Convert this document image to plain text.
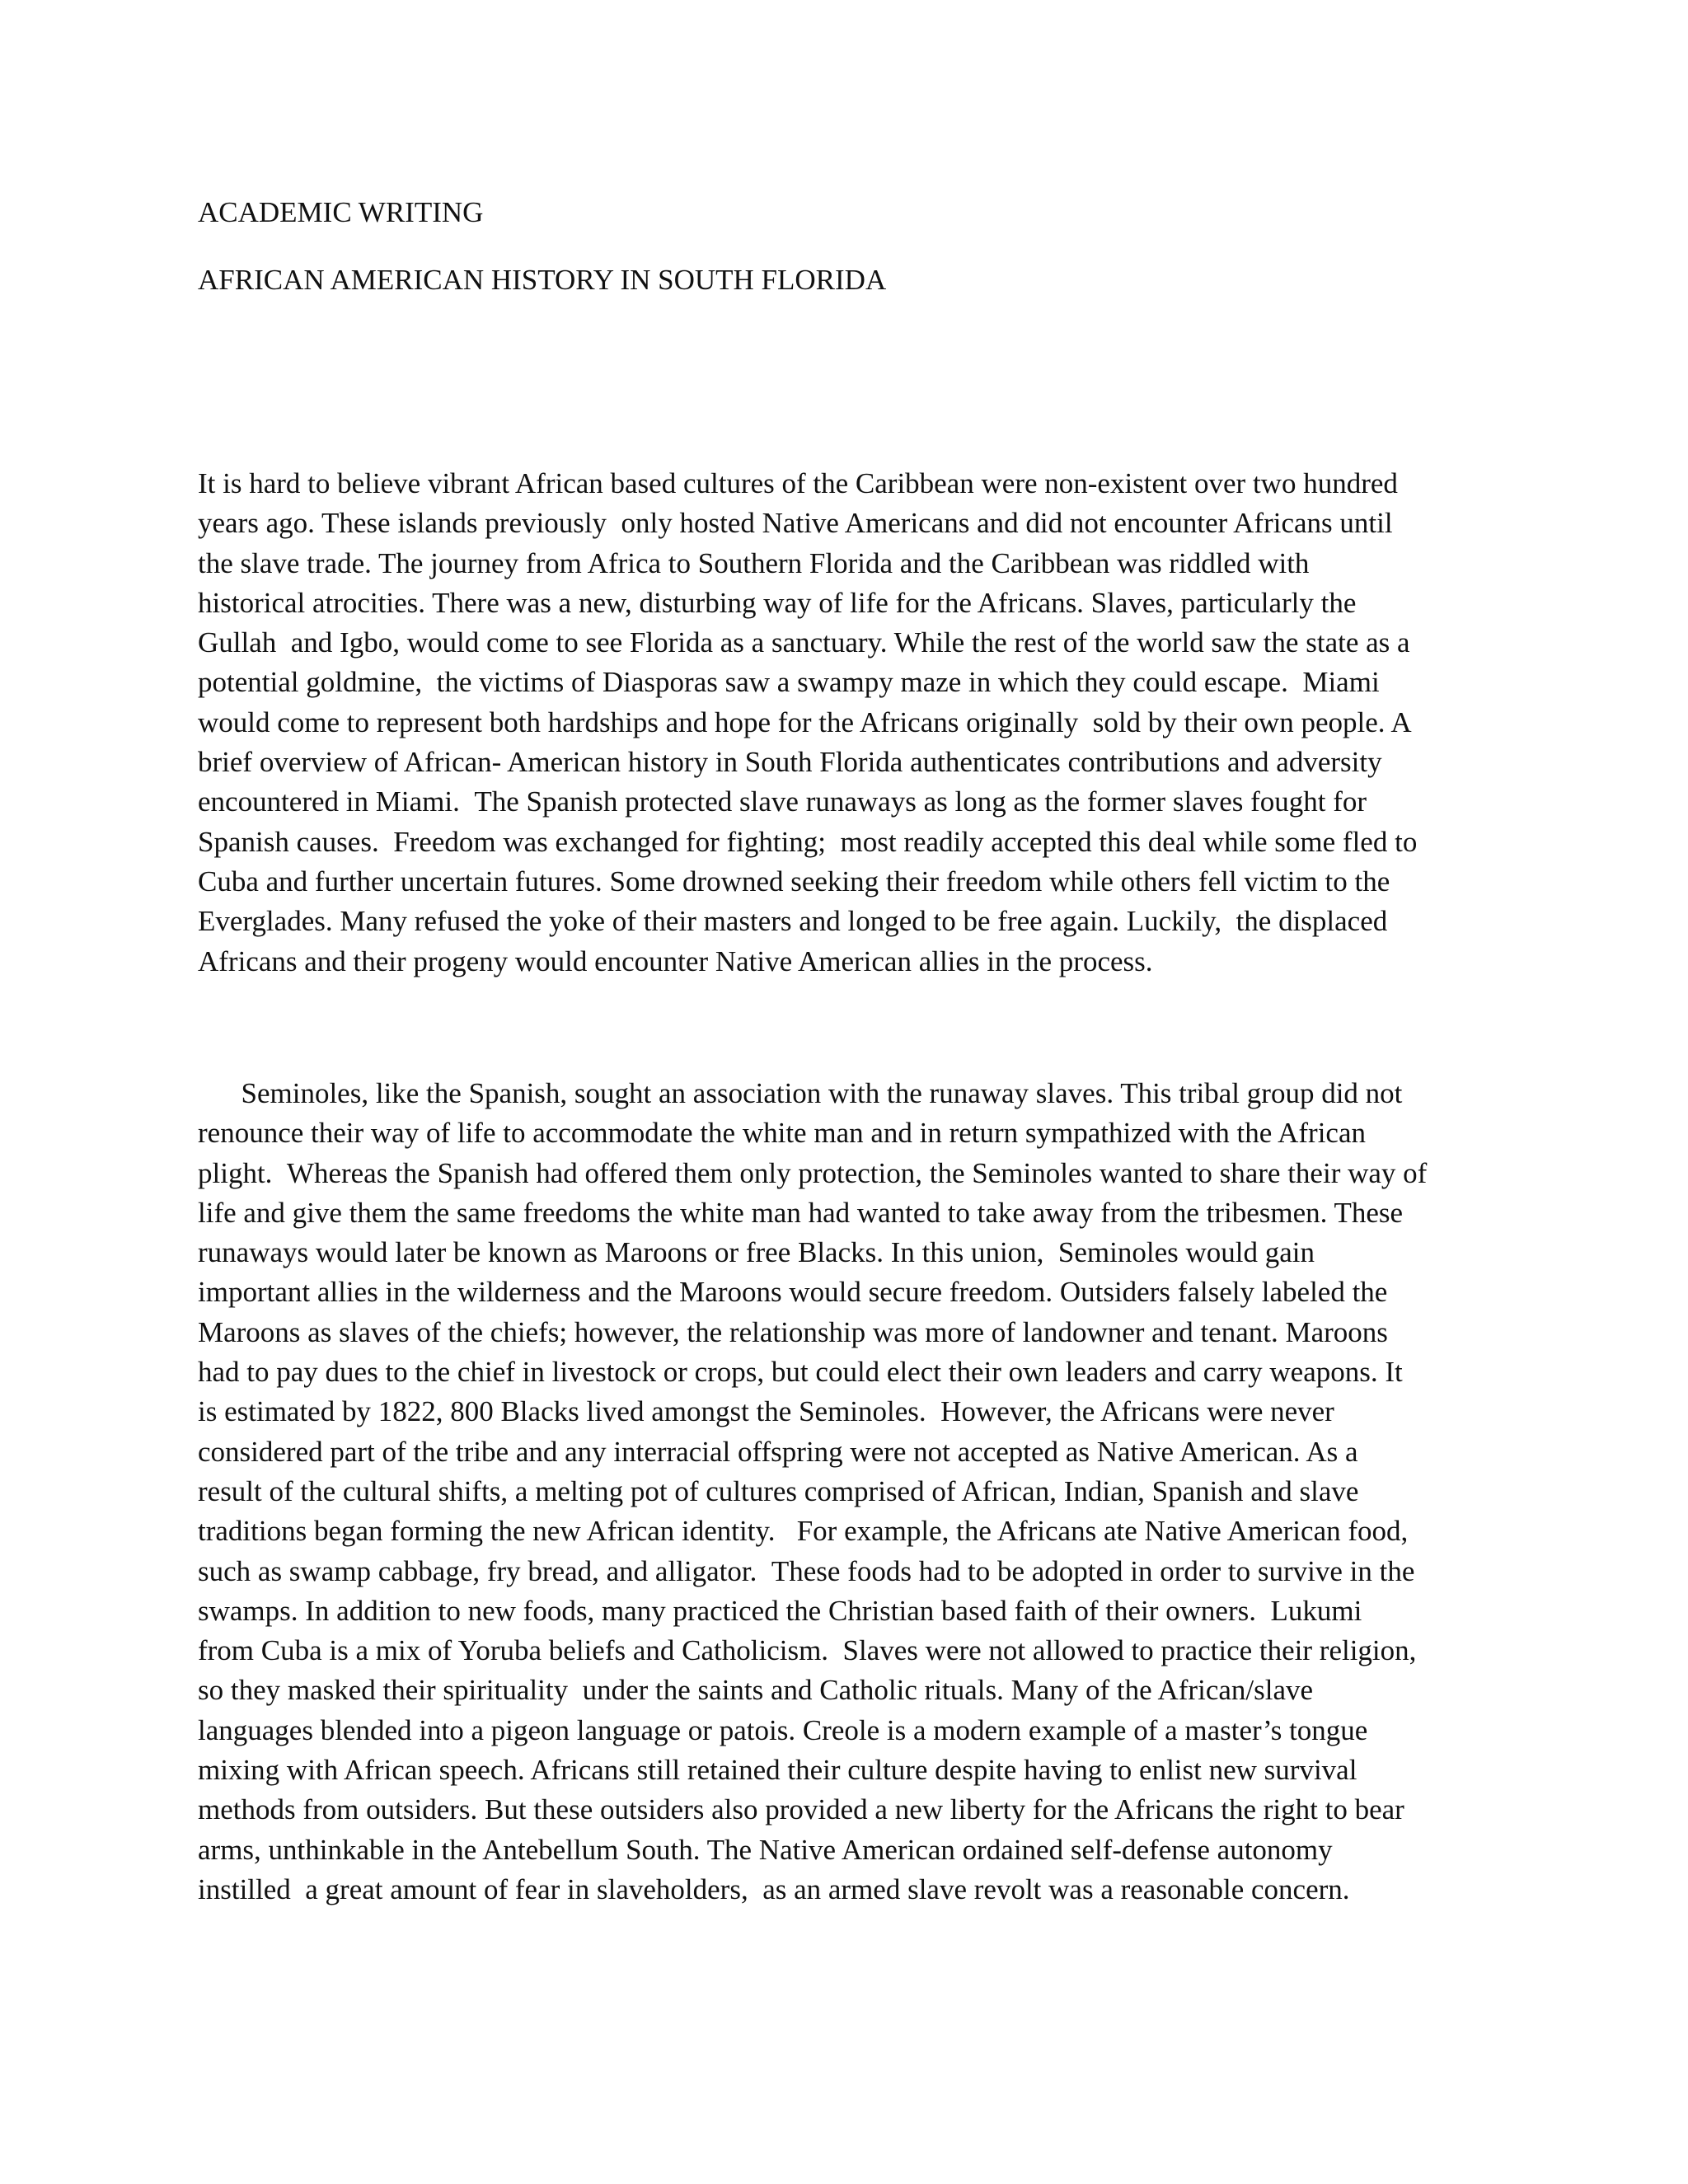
ACADEMIC WRITING
AFRICAN AMERICAN HISTORY IN SOUTH FLORIDA
It is hard to believe vibrant African based cultures of the Caribbean were non-existent over two hundred
years ago. These islands previously  only hosted Native Americans and did not encounter Africans until
the slave trade. The journey from Africa to Southern Florida and the Caribbean was riddled with
historical atrocities. There was a new, disturbing way of life for the Africans. Slaves, particularly the
Gullah  and Igbo, would come to see Florida as a sanctuary. While the rest of the world saw the state as a
potential goldmine,  the victims of Diasporas saw a swampy maze in which they could escape.  Miami
would come to represent both hardships and hope for the Africans originally  sold by their own people. A
brief overview of African- American history in South Florida authenticates contributions and adversity
encountered in Miami.  The Spanish protected slave runaways as long as the former slaves fought for
Spanish causes.  Freedom was exchanged for fighting;  most readily accepted this deal while some fled to
Cuba and further uncertain futures. Some drowned seeking their freedom while others fell victim to the
Everglades. Many refused the yoke of their masters and longed to be free again. Luckily,  the displaced
Africans and their progeny would encounter Native American allies in the process.
Seminoles, like the Spanish, sought an association with the runaway slaves. This tribal group did not
renounce their way of life to accommodate the white man and in return sympathized with the African
plight.  Whereas the Spanish had offered them only protection, the Seminoles wanted to share their way of
life and give them the same freedoms the white man had wanted to take away from the tribesmen. These
runaways would later be known as Maroons or free Blacks. In this union,  Seminoles would gain
important allies in the wilderness and the Maroons would secure freedom. Outsiders falsely labeled the
Maroons as slaves of the chiefs; however, the relationship was more of landowner and tenant. Maroons
had to pay dues to the chief in livestock or crops, but could elect their own leaders and carry weapons. It
is estimated by 1822, 800 Blacks lived amongst the Seminoles.  However, the Africans were never
considered part of the tribe and any interracial offspring were not accepted as Native American. As a
result of the cultural shifts, a melting pot of cultures comprised of African, Indian, Spanish and slave
traditions began forming the new African identity.   For example, the Africans ate Native American food,
such as swamp cabbage, fry bread, and alligator.  These foods had to be adopted in order to survive in the
swamps. In addition to new foods, many practiced the Christian based faith of their owners.  Lukumi
from Cuba is a mix of Yoruba beliefs and Catholicism.  Slaves were not allowed to practice their religion,
so they masked their spirituality  under the saints and Catholic rituals. Many of the African/slave
languages blended into a pigeon language or patois. Creole is a modern example of a master’s tongue
mixing with African speech. Africans still retained their culture despite having to enlist new survival
methods from outsiders. But these outsiders also provided a new liberty for the Africans the right to bear
arms, unthinkable in the Antebellum South. The Native American ordained self-defense autonomy
instilled  a great amount of fear in slaveholders,  as an armed slave revolt was a reasonable concern.
